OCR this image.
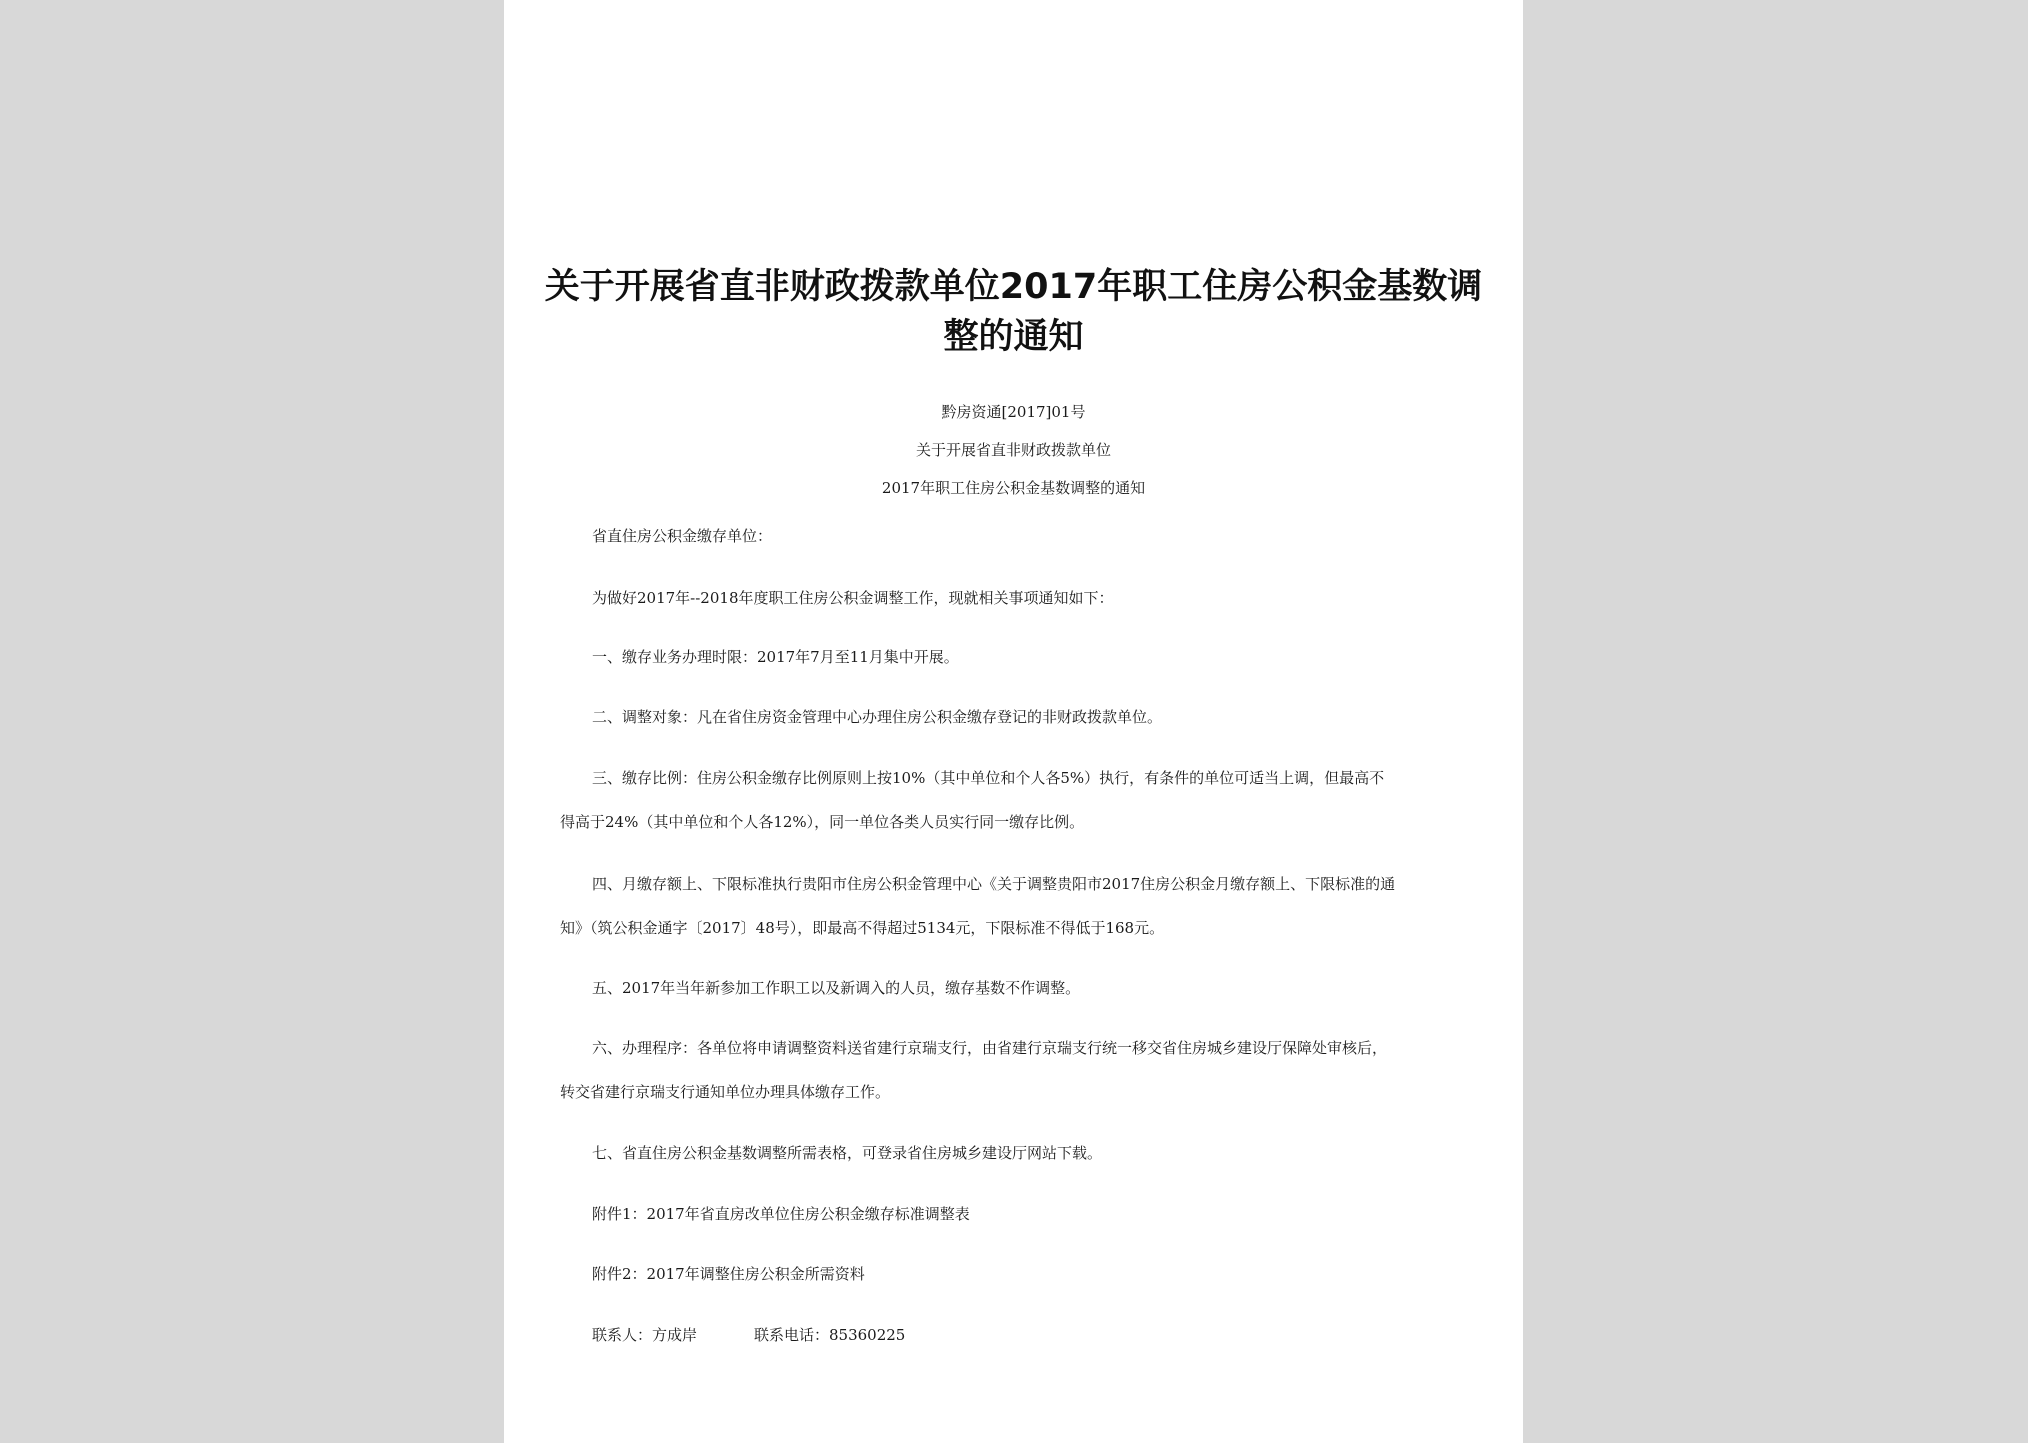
关于开展省直非财政拨款单位2017年职工住房公积金基数调整的通知
黔房资通[2017]01号
关于开展省直非财政拨款单位
2017年职工住房公积金基数调整的通知
省直住房公积金缴存单位：
为做好2017年--2018年度职工住房公积金调整工作，现就相关事项通知如下：
一、缴存业务办理时限：2017年7月至11月集中开展。
二、调整对象：凡在省住房资金管理中心办理住房公积金缴存登记的非财政拨款单位。
三、缴存比例：住房公积金缴存比例原则上按10%（其中单位和个人各5%）执行，有条件的单位可适当上调，但最高不
得高于24%（其中单位和个人各12%），同一单位各类人员实行同一缴存比例。
四、月缴存额上、下限标准执行贵阳市住房公积金管理中心《关于调整贵阳市2017住房公积金月缴存额上、下限标准的通
知》（筑公积金通字〔2017〕48号），即最高不得超过5134元，下限标准不得低于168元。
五、2017年当年新参加工作职工以及新调入的人员，缴存基数不作调整。
六、办理程序：各单位将申请调整资料送省建行京瑞支行，由省建行京瑞支行统一移交省住房城乡建设厅保障处审核后，
转交省建行京瑞支行通知单位办理具体缴存工作。
七、省直住房公积金基数调整所需表格，可登录省住房城乡建设厅网站下载。
附件1：2017年省直房改单位住房公积金缴存标准调整表
附件2：2017年调整住房公积金所需资料
联系人：方成岸	联系电话：85360225
